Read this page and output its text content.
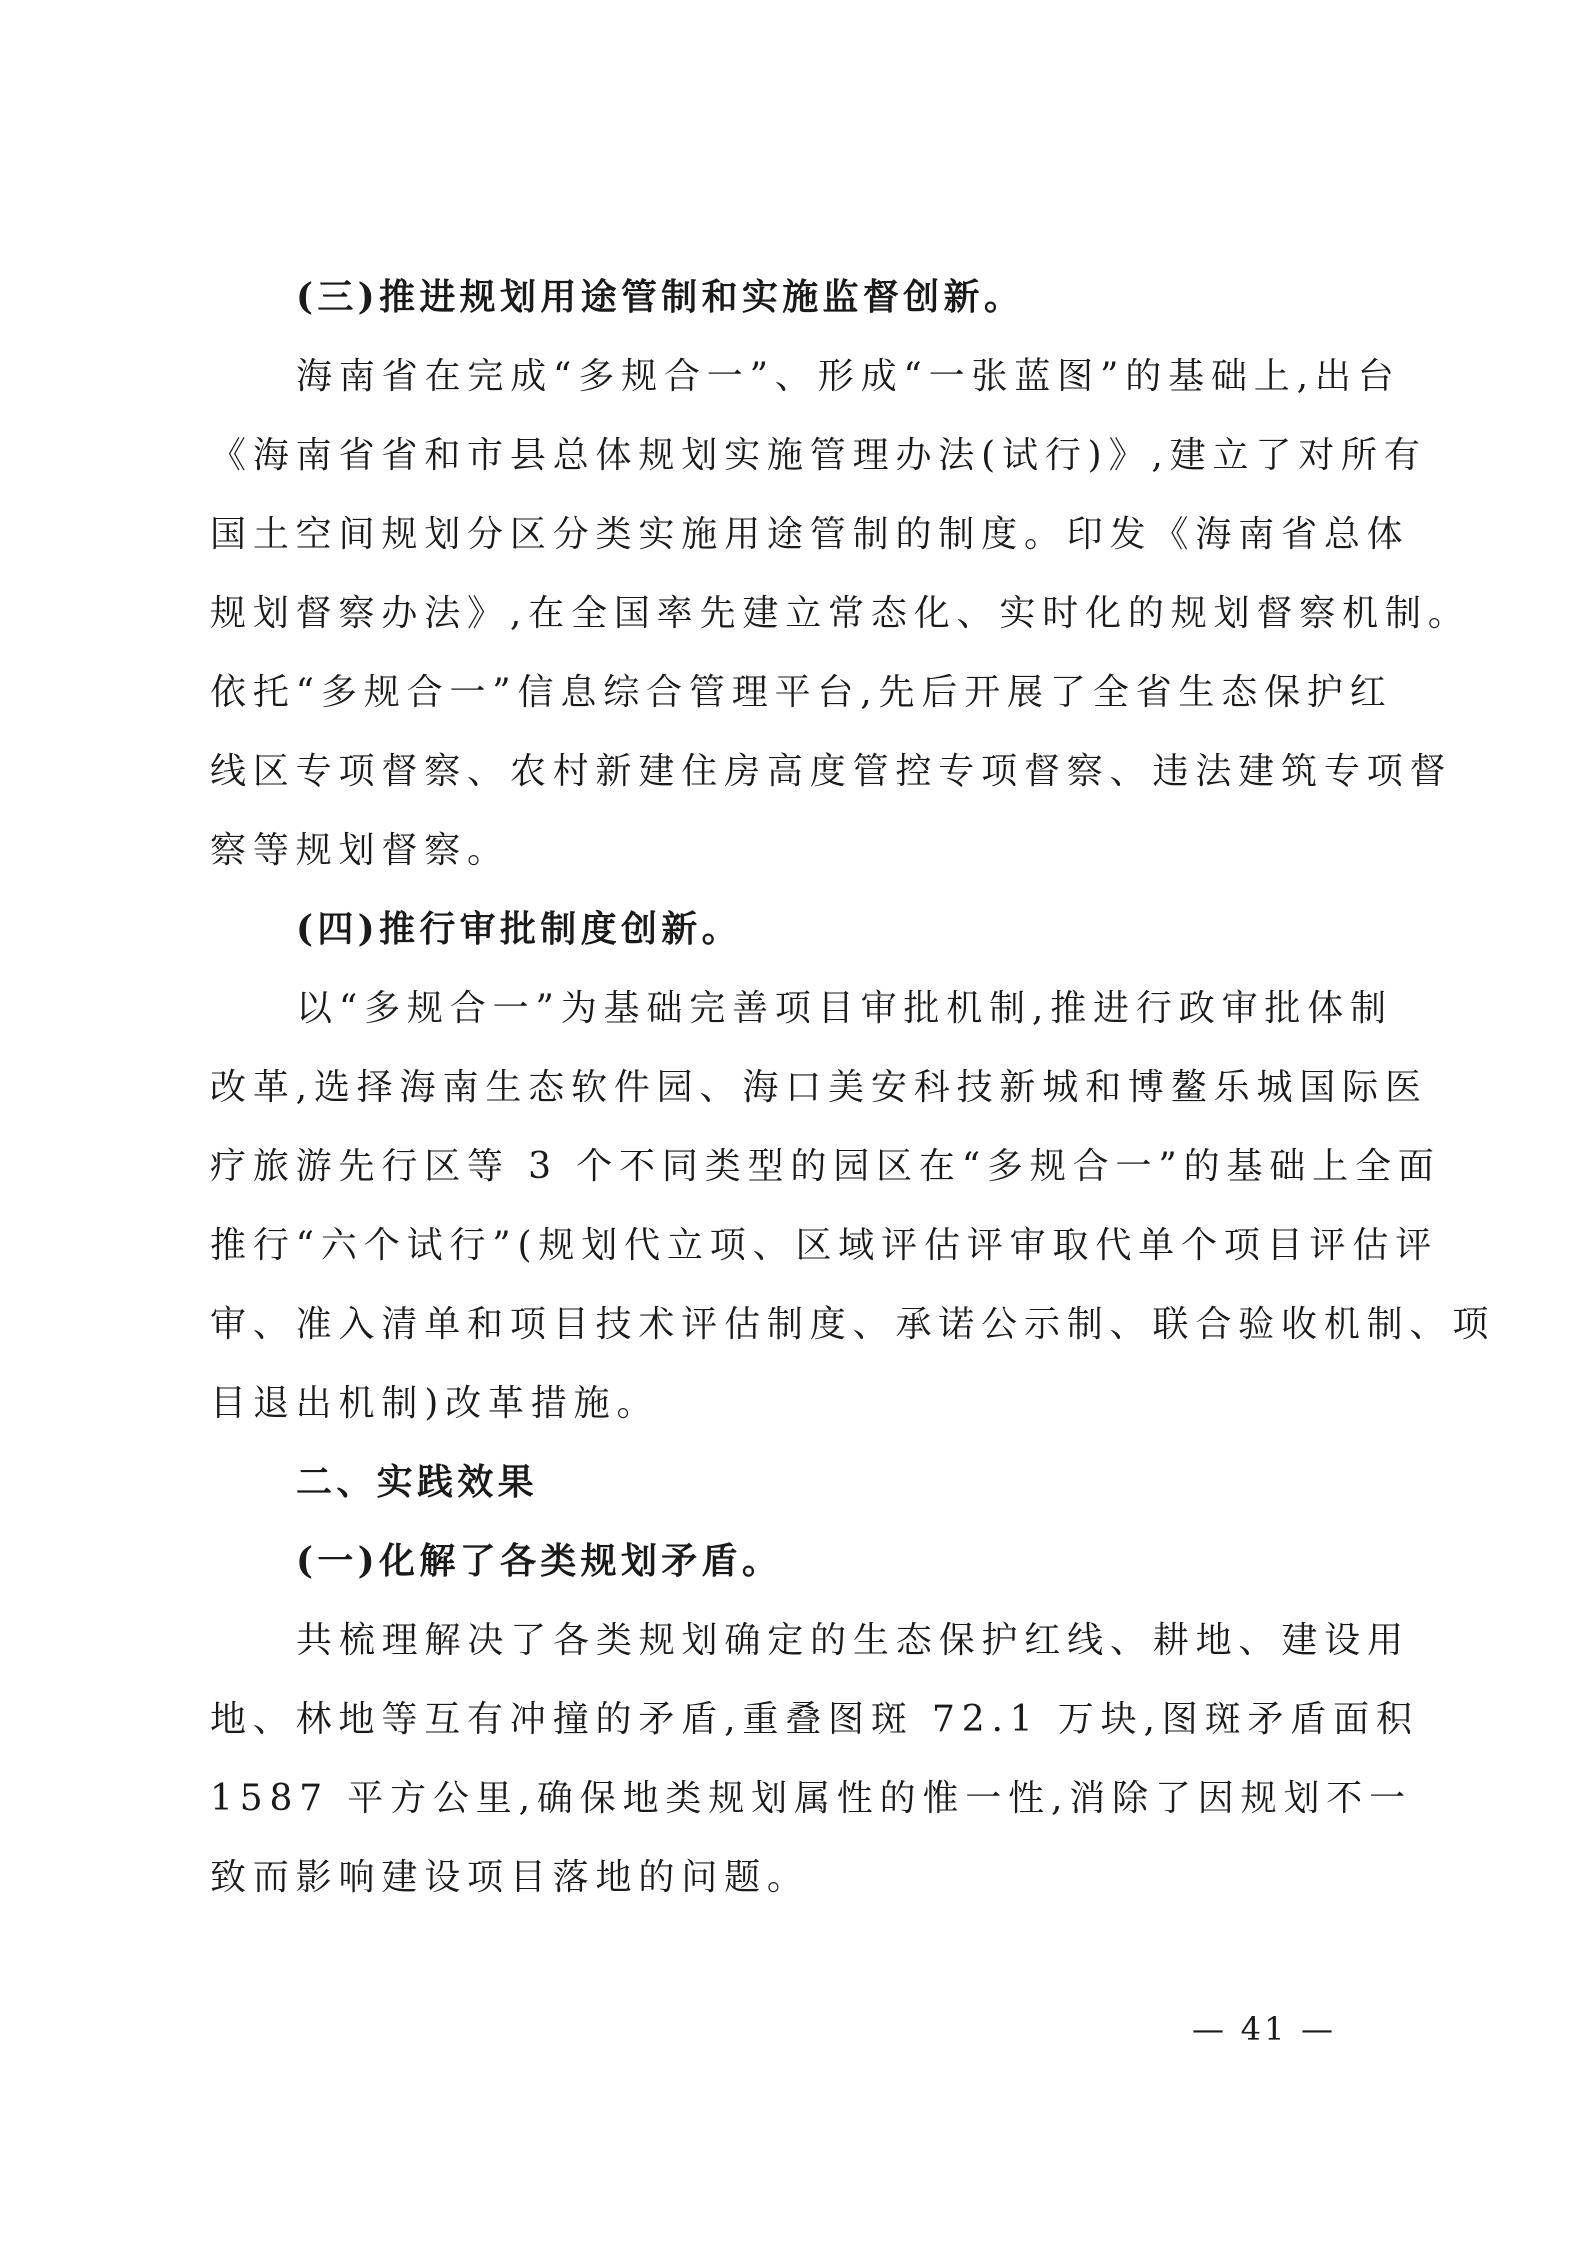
(三)推进规划用途管制和实施监督创新。
海南省在完成“多规合一”、形成“一张蓝图”的基础上,出台
《海南省省和市县总体规划实施管理办法(试行)》,建立了对所有
国土空间规划分区分类实施用途管制的制度。印发《海南省总体
规划督察办法》,在全国率先建立常态化、实时化的规划督察机制。
依托“多规合一”信息综合管理平台,先后开展了全省生态保护红
线区专项督察、农村新建住房高度管控专项督察、违法建筑专项督
察等规划督察。
(四)推行审批制度创新。
以“多规合一”为基础完善项目审批机制,推进行政审批体制
改革,选择海南生态软件园、海口美安科技新城和博鳌乐城国际医
疗旅游先行区等 3 个不同类型的园区在“多规合一”的基础上全面
推行“六个试行”(规划代立项、区域评估评审取代单个项目评估评
审、准入清单和项目技术评估制度、承诺公示制、联合验收机制、项
目退出机制)改革措施。
二、实践效果
(一)化解了各类规划矛盾。
共梳理解决了各类规划确定的生态保护红线、耕地、建设用
地、林地等互有冲撞的矛盾,重叠图斑 72.1 万块,图斑矛盾面积
1587 平方公里,确保地类规划属性的惟一性,消除了因规划不一
致而影响建设项目落地的问题。
— 41 —
